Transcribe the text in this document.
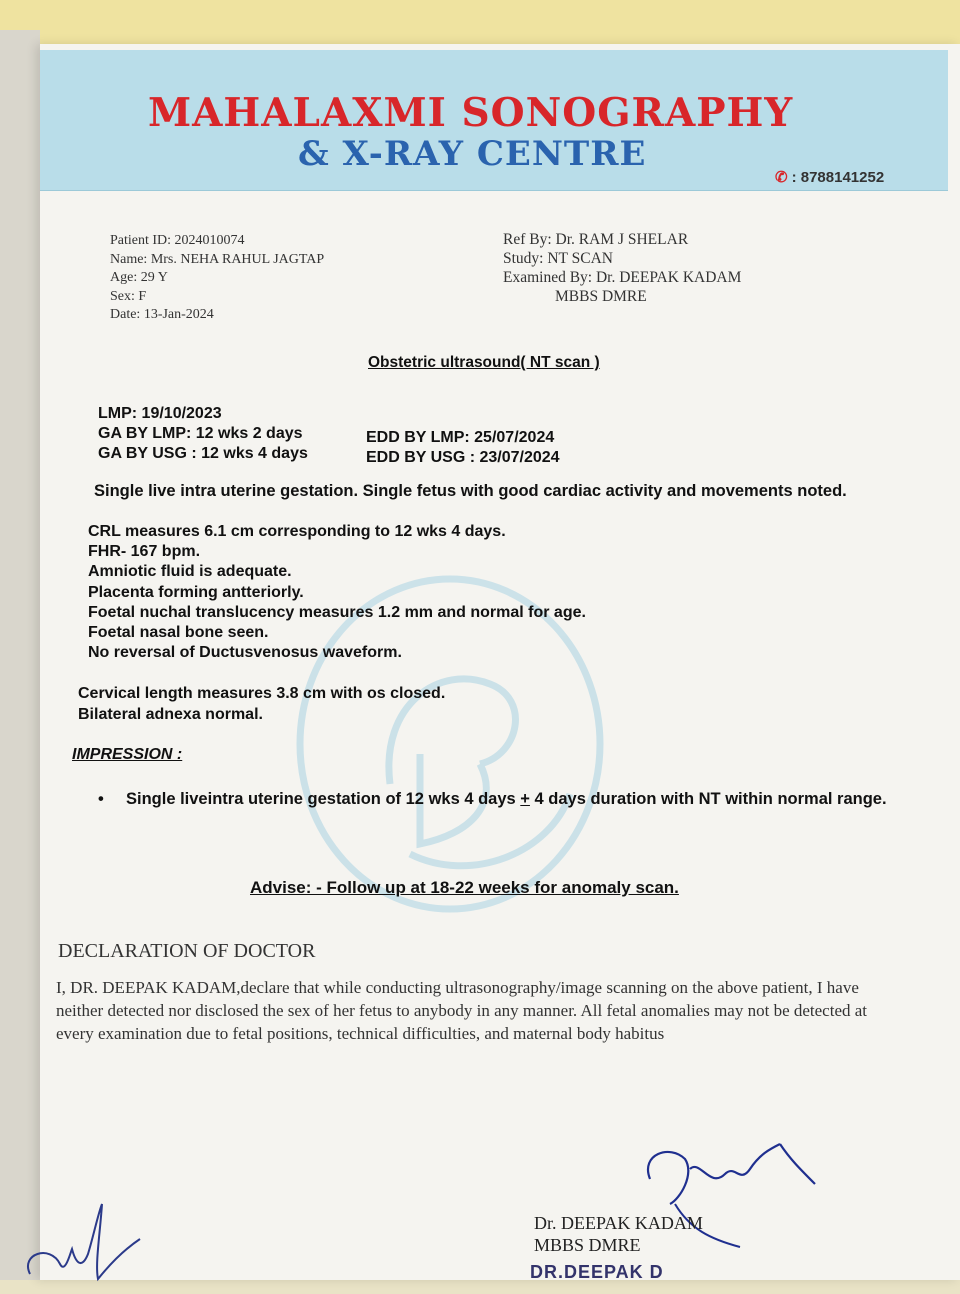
MAHALAXMI SONOGRAPHY
& X-RAY CENTRE
✆ : 8788141252
Patient ID: 2024010074
Name: Mrs. NEHA RAHUL JAGTAP
Age: 29 Y
Sex: F
Date: 13-Jan-2024
Ref By: Dr. RAM J SHELAR
Study: NT SCAN
Examined By: Dr. DEEPAK KADAM
MBBS DMRE
Obstetric ultrasound( NT scan )
LMP: 19/10/2023
GA BY LMP: 12 wks 2 days
GA BY USG : 12 wks 4 days
EDD BY LMP: 25/07/2024
EDD BY USG : 23/07/2024
Single live intra uterine gestation. Single fetus with good cardiac activity and movements noted.
CRL measures 6.1 cm corresponding to 12 wks 4 days.
FHR- 167 bpm.
Amniotic fluid is adequate.
Placenta forming antteriorly.
Foetal nuchal translucency measures 1.2 mm and normal for age.
Foetal nasal bone seen.
No reversal of Ductusvenosus waveform.
Cervical length measures 3.8 cm with os closed.
Bilateral adnexa normal.
IMPRESSION :
• Single liveintra uterine gestation of 12 wks 4 days + 4 days duration with NT within normal range.
Advise: - Follow up at 18-22 weeks for anomaly scan.
DECLARATION OF DOCTOR
I, DR. DEEPAK KADAM,declare that while conducting ultrasonography/image scanning on the above patient, I have neither detected nor disclosed the sex of her fetus to anybody in any manner. All fetal anomalies may not be detected at every examination due to fetal positions, technical difficulties, and maternal body habitus
Dr. DEEPAK KADAM
MBBS DMRE
DR.DEEPAK D
